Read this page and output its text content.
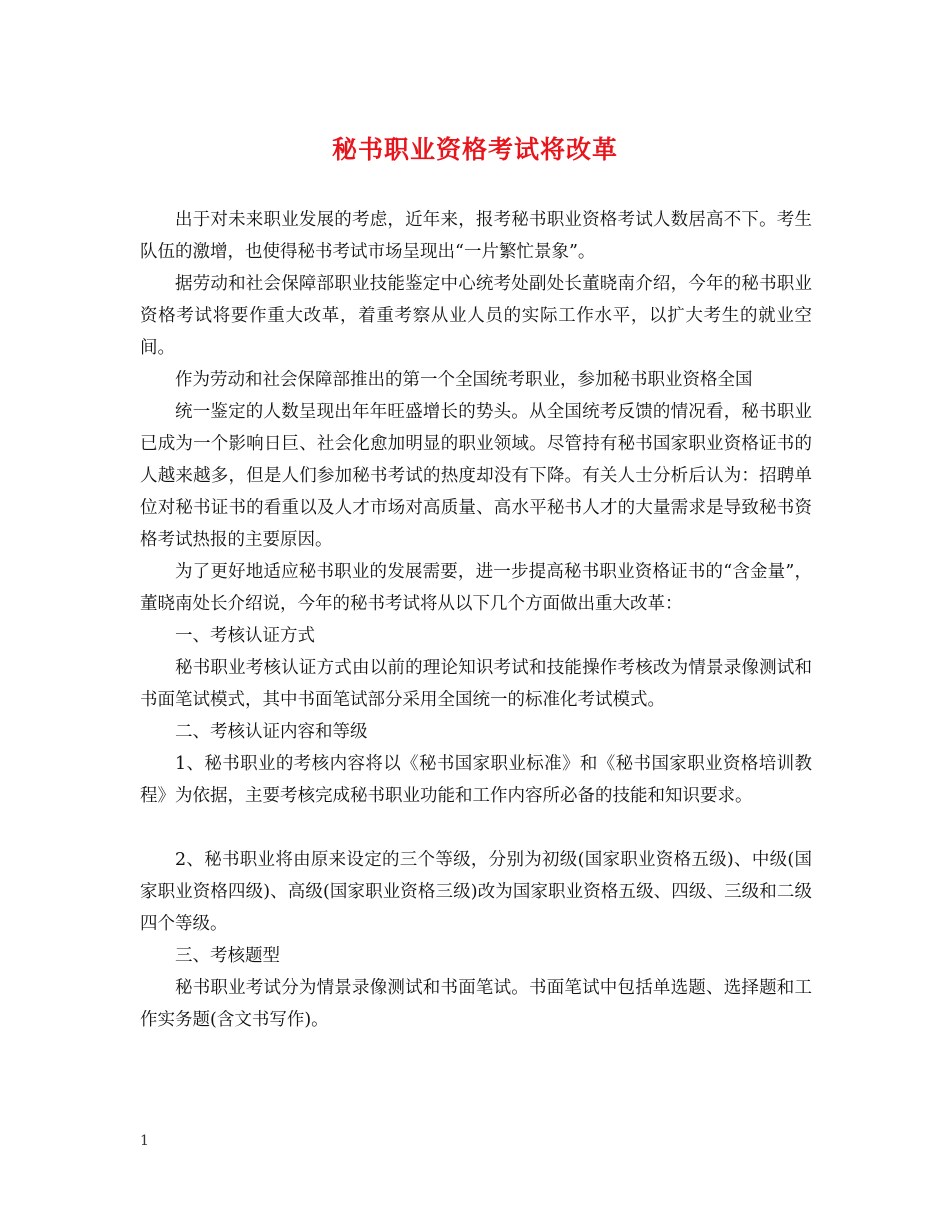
秘书职业资格考试将改革

出于对未来职业发展的考虑，近年来，报考秘书职业资格考试人数居高不下。考生队伍的激增，也使得秘书考试市场呈现出“一片繁忙景象”。

据劳动和社会保障部职业技能鉴定中心统考处副处长董晓南介绍，今年的秘书职业资格考试将要作重大改革，着重考察从业人员的实际工作水平，以扩大考生的就业空间。

作为劳动和社会保障部推出的第一个全国统考职业，参加秘书职业资格全国

统一鉴定的人数呈现出年年旺盛增长的势头。从全国统考反馈的情况看，秘书职业已成为一个影响日巨、社会化愈加明显的职业领域。尽管持有秘书国家职业资格证书的人越来越多，但是人们参加秘书考试的热度却没有下降。有关人士分析后认为：招聘单位对秘书证书的看重以及人才市场对高质量、高水平秘书人才的大量需求是导致秘书资格考试热报的主要原因。

为了更好地适应秘书职业的发展需要，进一步提高秘书职业资格证书的“含金量”，董晓南处长介绍说，今年的秘书考试将从以下几个方面做出重大改革：

一、考核认证方式

秘书职业考核认证方式由以前的理论知识考试和技能操作考核改为情景录像测试和书面笔试模式，其中书面笔试部分采用全国统一的标准化考试模式。

二、考核认证内容和等级

1、秘书职业的考核内容将以《秘书国家职业标准》和《秘书国家职业资格培训教程》为依据，主要考核完成秘书职业功能和工作内容所必备的技能和知识要求。

2、秘书职业将由原来设定的三个等级，分别为初级(国家职业资格五级)、中级(国家职业资格四级)、高级(国家职业资格三级)改为国家职业资格五级、四级、三级和二级四个等级。

三、考核题型

秘书职业考试分为情景录像测试和书面笔试。书面笔试中包括单选题、选择题和工作实务题(含文书写作)。

1
